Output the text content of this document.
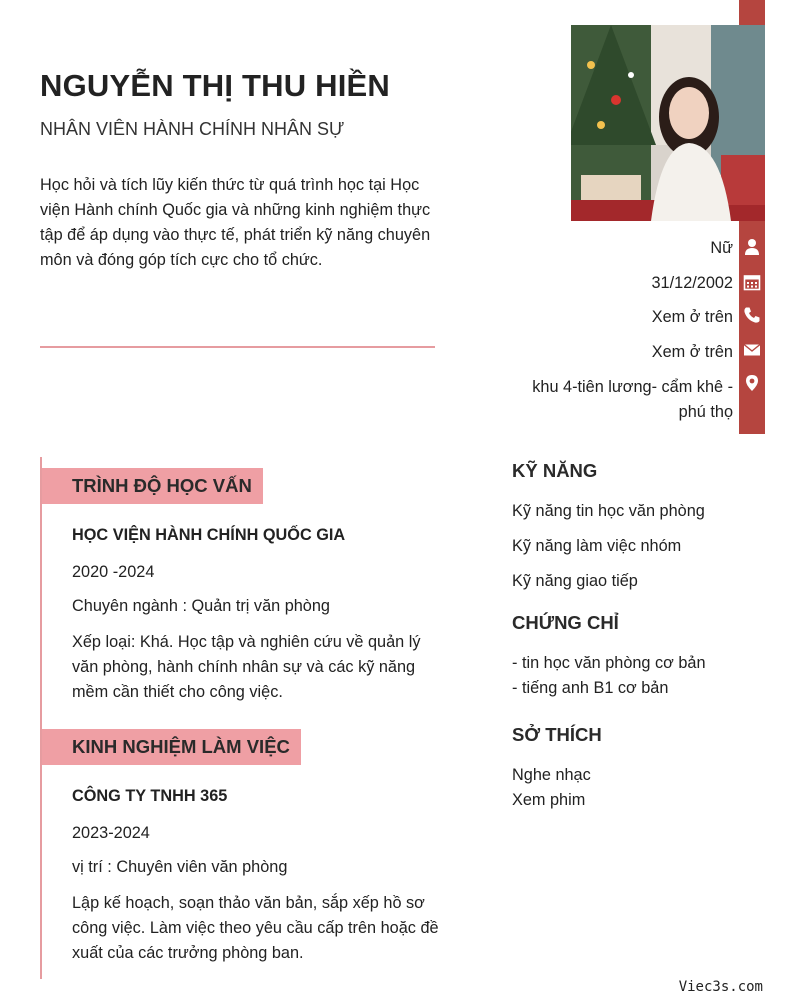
NGUYỄN THỊ THU HIỀN
NHÂN VIÊN HÀNH CHÍNH NHÂN SỰ
Học hỏi và tích lũy kiến thức từ quá trình học tại Học viện Hành chính Quốc gia và những kinh nghiệm thực tập để áp dụng vào thực tế, phát triển kỹ năng chuyên môn và đóng góp tích cực cho tổ chức.
Nữ
31/12/2002
Xem ở trên
Xem ở trên
khu 4-tiên lương- cẩm khê - phú thọ
TRÌNH ĐỘ HỌC VẤN
HỌC VIỆN HÀNH CHÍNH QUỐC GIA
2020 -2024
Chuyên ngành : Quản trị văn phòng
Xếp loại: Khá. Học tập và nghiên cứu về quản lý văn phòng, hành chính nhân sự và các kỹ năng mềm cần thiết cho công việc.
KINH NGHIỆM LÀM VIỆC
CÔNG TY TNHH 365
2023-2024
vị trí : Chuyên viên văn phòng
Lập kế hoạch, soạn thảo văn bản, sắp xếp hồ sơ công việc. Làm việc theo yêu cầu cấp trên hoặc đề xuất của các trưởng phòng ban.
KỸ NĂNG
Kỹ năng tin học văn phòng
Kỹ năng làm việc nhóm
Kỹ năng giao tiếp
CHỨNG CHỈ
- tin học văn phòng cơ bản
- tiếng anh B1 cơ bản
SỞ THÍCH
Nghe nhạc
Xem phim
Viec3s.com
